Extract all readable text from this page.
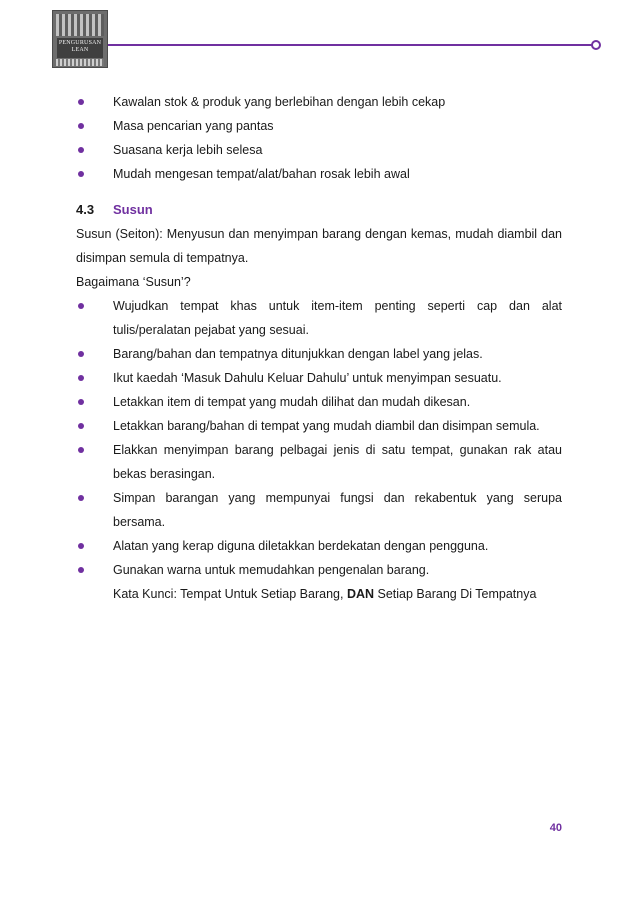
PENGURUSAN
LEAN
Kawalan stok & produk yang berlebihan dengan lebih cekap
Masa pencarian yang pantas
Suasana kerja lebih selesa
Mudah mengesan tempat/alat/bahan rosak lebih awal
4.3 Susun
Susun (Seiton): Menyusun dan menyimpan barang dengan kemas, mudah diambil dan disimpan semula di tempatnya.
Bagaimana ‘Susun’?
Wujudkan tempat khas untuk item-item penting seperti cap dan alat tulis/peralatan pejabat yang sesuai.
Barang/bahan dan tempatnya ditunjukkan dengan label yang jelas.
Ikut kaedah ‘Masuk Dahulu Keluar Dahulu’ untuk menyimpan sesuatu.
Letakkan item di tempat yang mudah dilihat dan mudah dikesan.
Letakkan barang/bahan di tempat yang mudah diambil dan disimpan semula.
Elakkan menyimpan barang pelbagai jenis di satu tempat, gunakan rak atau bekas berasingan.
Simpan barangan yang mempunyai fungsi dan rekabentuk yang serupa bersama.
Alatan yang kerap diguna diletakkan berdekatan dengan pengguna.
Gunakan warna untuk memudahkan pengenalan barang.
Kata Kunci: Tempat Untuk Setiap Barang, DAN Setiap Barang Di Tempatnya
40
